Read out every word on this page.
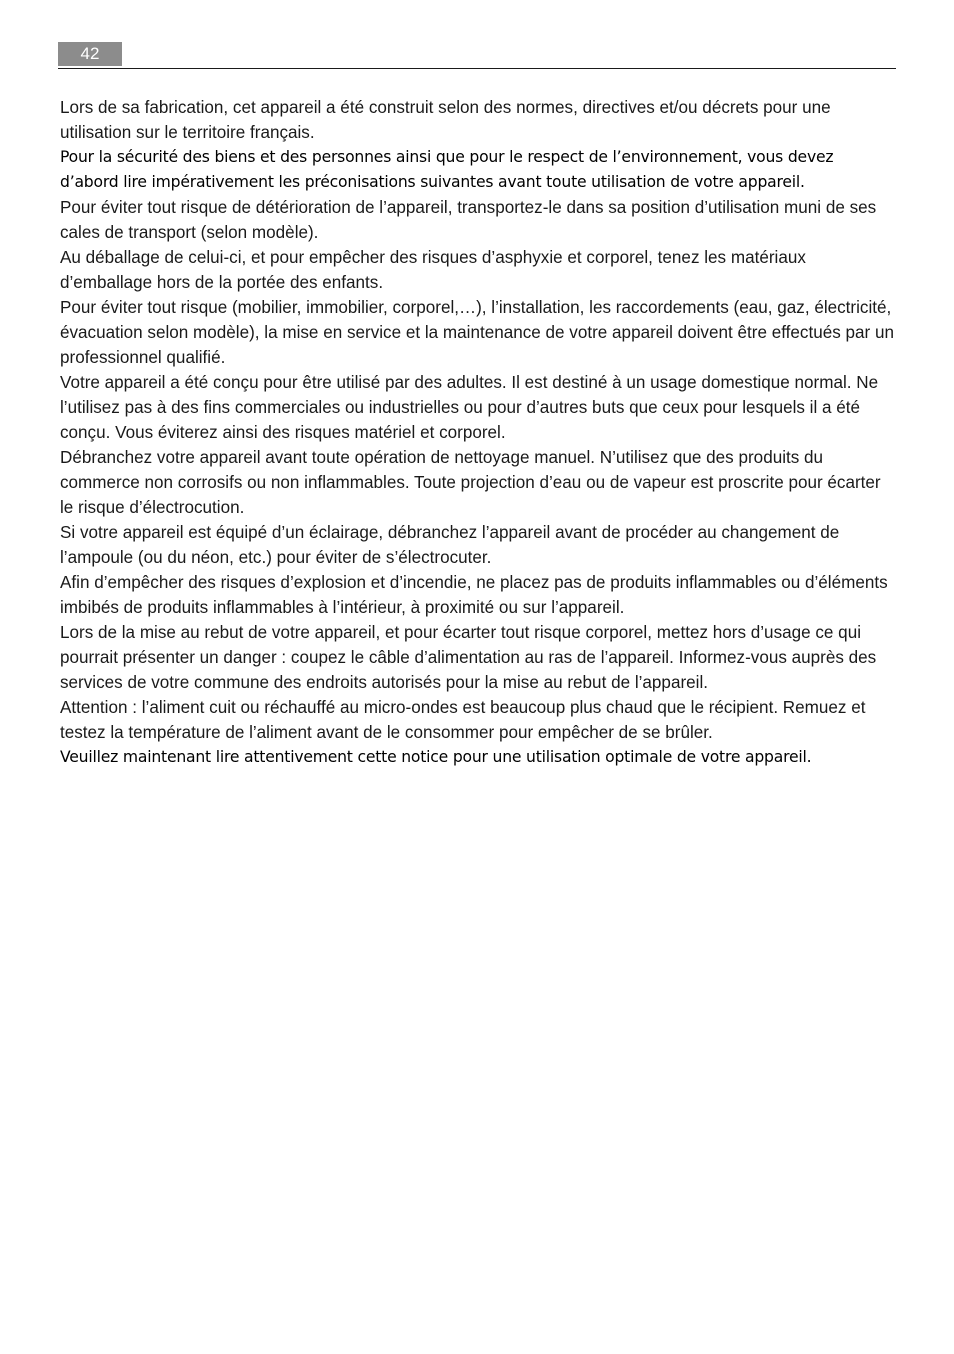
42

Lors de sa fabrication, cet appareil a été construit selon des normes, directives et/ou décrets pour une utilisation sur le territoire français.

Pour la sécurité des biens et des personnes ainsi que pour le respect de l’environnement, vous devez d’abord lire impérativement les préconisations suivantes avant toute utilisation de votre appareil.

Pour éviter tout risque de détérioration de l’appareil, transportez-le dans sa position d’utilisation muni de ses cales de transport (selon modèle).

Au déballage de celui-ci, et pour empêcher des risques d’asphyxie et corporel, tenez les matériaux d’emballage hors de la portée des enfants.

Pour éviter tout risque (mobilier, immobilier, corporel,…), l’installation, les raccordements (eau, gaz, électricité, évacuation selon modèle), la mise en service et la maintenance de votre appareil doivent être effectués par un professionnel qualifié.

Votre appareil a été conçu pour être utilisé par des adultes. Il est destiné à un usage domestique normal. Ne l’utilisez pas à des fins commerciales ou industrielles ou pour d’autres buts que ceux pour lesquels il a été conçu. Vous éviterez ainsi des risques matériel et corporel.

Débranchez votre appareil avant toute opération de nettoyage manuel. N’utilisez que des produits du commerce non corrosifs ou non inflammables. Toute projection d’eau ou de vapeur est proscrite pour écarter le risque d’électrocution.

Si votre appareil est équipé d’un éclairage, débranchez l’appareil avant de procéder au changement de l’ampoule (ou du néon, etc.) pour éviter de s’électrocuter.

Afin d’empêcher des risques d’explosion et d’incendie, ne placez pas de produits inflammables ou d’éléments imbibés de produits inflammables à l’intérieur, à proximité ou sur l’appareil.

Lors de la mise au rebut de votre appareil, et pour écarter tout risque corporel, mettez hors d’usage ce qui pourrait présenter un danger : coupez le câble d’alimentation au ras de l’appareil. Informez-vous auprès des services de votre commune des endroits autorisés pour la mise au rebut de l’appareil.

Attention : l’aliment cuit ou réchauffé au micro-ondes est beaucoup plus chaud que le récipient. Remuez et testez la température de l’aliment avant de le consommer pour empêcher de se brûler.

Veuillez maintenant lire attentivement cette notice pour une utilisation optimale de votre appareil.
